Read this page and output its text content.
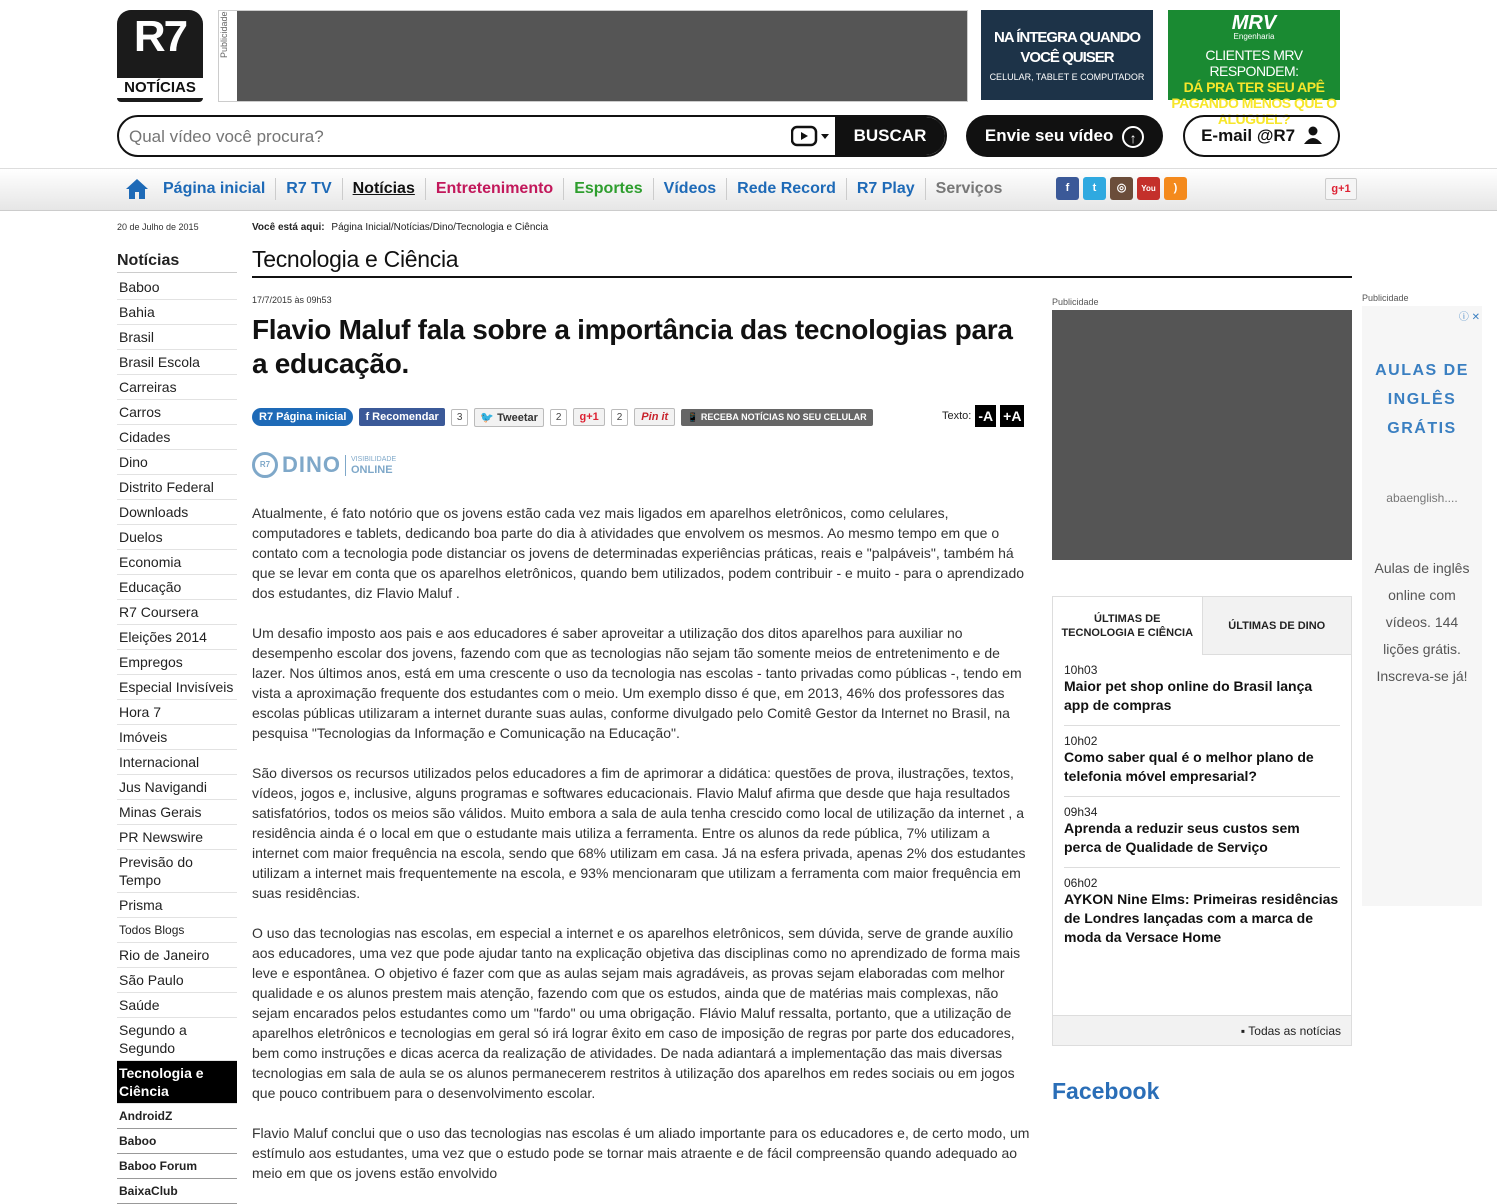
R7
NOTÍCIAS
Publicidade	NA ÍNTEGRA QUANDO
VOCÊ QUISER
CELULAR, TABLET E COMPUTADOR
MRV
Engenharia
CLIENTES MRV RESPONDEM:
DÁ PRA TER SEU APÊ PAGANDO MENOS QUE O ALUGUEL?
Qual vídeo você procura?
BUSCAR	Envie seu vídeo ↑	E-mail @R7
Página inicial	R7 TV	Notícias	Entretenimento	Esportes	Vídeos	Rede Record	R7 Play	Serviços	f	t	◎	You	)	g+1
20 de Julho de 2015
Notícias
Baboo
Bahia
Brasil
Brasil Escola
Carreiras
Carros
Cidades
Dino
Distrito Federal
Downloads
Duelos
Economia
Educação
R7 Coursera
Eleições 2014
Empregos
Especial Invisíveis
Hora 7
Imóveis
Internacional
Jus Navigandi
Minas Gerais
PR Newswire
Previsão do Tempo
Prisma
Todos Blogs
Rio de Janeiro
São Paulo
Saúde
Segundo a Segundo
Tecnologia e Ciência
AndroidZ
Baboo
Baboo Forum
BaixaClub
Você está aqui: Página Inicial/Notícias/Dino/Tecnologia e Ciência
Tecnologia e Ciência
17/7/2015 às 09h53
Flavio Maluf fala sobre a importância das tecnologias para a educação.
R7 Página inicial	f Recomendar	3	🐦 Tweetar	2	g+1	2	Pin it	📱 RECEBA NOTÍCIAS NO SEU CELULAR	Texto: -A +A
R7 DINO	VISIBILIDADE
ONLINE

Atualmente, é fato notório que os jovens estão cada vez mais ligados em aparelhos eletrônicos, como celulares, computadores e tablets, dedicando boa parte do dia à atividades que envolvem os mesmos. Ao mesmo tempo em que o contato com a tecnologia pode distanciar os jovens de determinadas experiências práticas, reais e "palpáveis", também há que se levar em conta que os aparelhos eletrônicos, quando bem utilizados, podem contribuir - e muito - para o aprendizado dos estudantes, diz Flavio Maluf .

Um desafio imposto aos pais e aos educadores é saber aproveitar a utilização dos ditos aparelhos para auxiliar no desempenho escolar dos jovens, fazendo com que as tecnologias não sejam tão somente meios de entretenimento e de lazer. Nos últimos anos, está em uma crescente o uso da tecnologia nas escolas - tanto privadas como públicas -, tendo em vista a aproximação frequente dos estudantes com o meio. Um exemplo disso é que, em 2013, 46% dos professores das escolas públicas utilizaram a internet durante suas aulas, conforme divulgado pelo Comitê Gestor da Internet no Brasil, na pesquisa "Tecnologias da Informação e Comunicação na Educação".

São diversos os recursos utilizados pelos educadores a fim de aprimorar a didática: questões de prova, ilustrações, textos, vídeos, jogos e, inclusive, alguns programas e softwares educacionais. Flavio Maluf afirma que desde que haja resultados satisfatórios, todos os meios são válidos. Muito embora a sala de aula tenha crescido como local de utilização da internet , a residência ainda é o local em que o estudante mais utiliza a ferramenta. Entre os alunos da rede pública, 7% utilizam a internet com maior frequência na escola, sendo que 68% utilizam em casa. Já na esfera privada, apenas 2% dos estudantes utilizam a internet mais frequentemente na escola, e 93% mencionaram que utilizam a ferramenta com maior frequência em suas residências.

O uso das tecnologias nas escolas, em especial a internet e os aparelhos eletrônicos, sem dúvida, serve de grande auxílio aos educadores, uma vez que pode ajudar tanto na explicação objetiva das disciplinas como no aprendizado de forma mais leve e espontânea. O objetivo é fazer com que as aulas sejam mais agradáveis, as provas sejam elaboradas com melhor qualidade e os alunos prestem mais atenção, fazendo com que os estudos, ainda que de matérias mais complexas, não sejam encarados pelos estudantes como um "fardo" ou uma obrigação. Flávio Maluf ressalta, portanto, que a utilização de aparelhos eletrônicos e tecnologias em geral só irá lograr êxito em caso de imposição de regras por parte dos educadores, bem como instruções e dicas acerca da realização de atividades. De nada adiantará a implementação das mais diversas tecnologias em sala de aula se os alunos permanecerem restritos à utilização dos aparelhos em redes sociais ou em jogos que pouco contribuem para o desenvolvimento escolar.

Flavio Maluf conclui que o uso das tecnologias nas escolas é um aliado importante para os educadores e, de certo modo, um estímulo aos estudantes, uma vez que o estudo pode se tornar mais atraente e de fácil compreensão quando adequado ao meio em que os jovens estão envolvido

Publicidade
ÚLTIMAS DE TECNOLOGIA E CIÊNCIA
ÚLTIMAS DE DINO
10h03
Maior pet shop online do Brasil lança app de compras
10h02
Como saber qual é o melhor plano de telefonia móvel empresarial?
09h34
Aprenda a reduzir seus custos sem perca de Qualidade de Serviço
06h02
AYKON Nine Elms: Primeiras residências de Londres lançadas com a marca de moda da Versace Home
▪ Todas as notícias
Facebook
Publicidade
ⓘ ✕
AULAS DE INGLÊS GRÁTIS
abaenglish....
Aulas de inglês online com vídeos. 144 lições grátis. Inscreva-se já!
